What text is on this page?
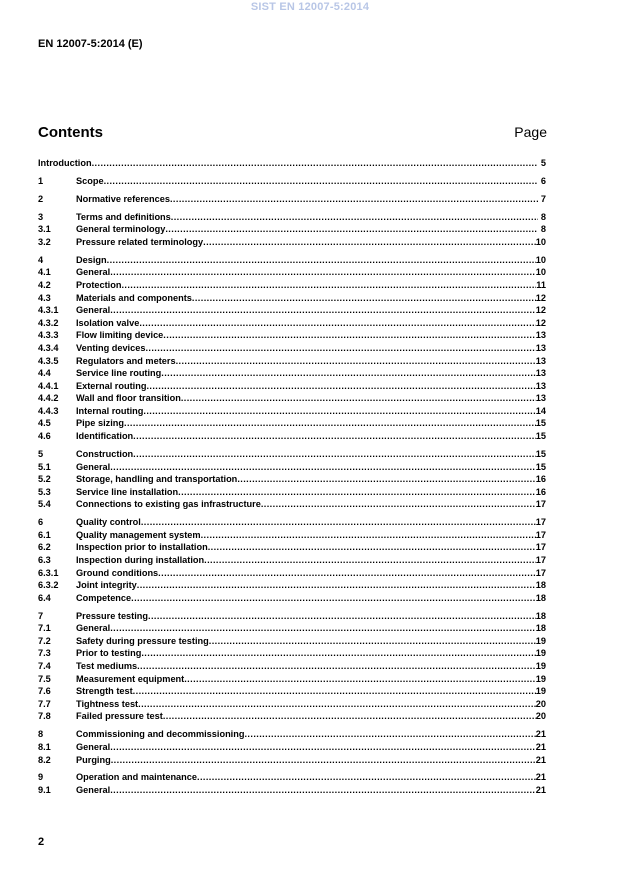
SIST EN 12007-5:2014
EN 12007-5:2014 (E)
Contents	Page
Introduction .....	5
1	Scope .....	6
2	Normative references .....	7
3	Terms and definitions .....	8
3.1	General terminology .....	8
3.2	Pressure related terminology .....	10
4	Design .....	10
4.1	General .....	10
4.2	Protection .....	11
4.3	Materials and components .....	12
4.3.1	General .....	12
4.3.2	Isolation valve .....	12
4.3.3	Flow limiting device .....	13
4.3.4	Venting devices .....	13
4.3.5	Regulators and meters .....	13
4.4	Service line routing .....	13
4.4.1	External routing .....	13
4.4.2	Wall and floor transition .....	13
4.4.3	Internal routing .....	14
4.5	Pipe sizing .....	15
4.6	Identification .....	15
5	Construction .....	15
5.1	General .....	15
5.2	Storage, handling and transportation .....	16
5.3	Service line installation .....	16
5.4	Connections to existing gas infrastructure .....	17
6	Quality control .....	17
6.1	Quality management system .....	17
6.2	Inspection prior to installation .....	17
6.3	Inspection during installation .....	17
6.3.1	Ground conditions .....	17
6.3.2	Joint integrity .....	18
6.4	Competence .....	18
7	Pressure testing .....	18
7.1	General .....	18
7.2	Safety during pressure testing .....	19
7.3	Prior to testing .....	19
7.4	Test mediums .....	19
7.5	Measurement equipment .....	19
7.6	Strength test .....	19
7.7	Tightness test .....	20
7.8	Failed pressure test .....	20
8	Commissioning and decommissioning .....	21
8.1	General .....	21
8.2	Purging .....	21
9	Operation and maintenance .....	21
9.1	General .....	21
2
